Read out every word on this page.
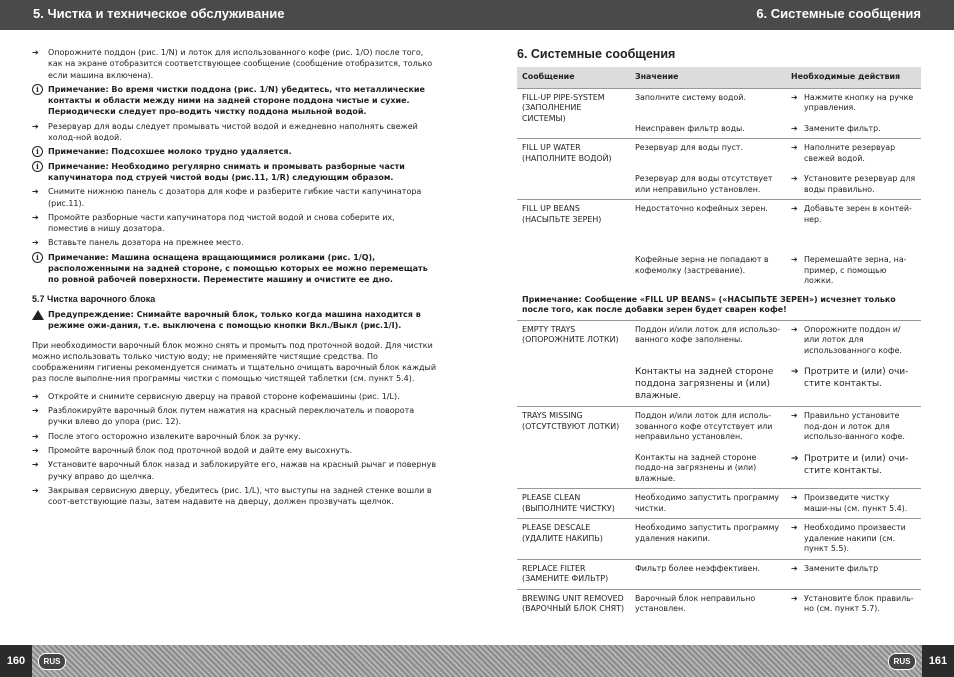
5. Чистка и техническое обслуживание	6. Системные сообщения
➔	Опорожните поддон (рис. 1/N) и лоток для использованного кофе (рис. 1/O) после того, как на экране отобразится соответствующее сообщение (сообщение отобразится, только если машина включена).
i	Примечание: Во время чистки поддона (рис. 1/N) убедитесь, что металлические контакты и области между ними на задней стороне поддона чистые и сухие. Периодически следует про-водить чистку поддона мыльной водой.
➔	Резервуар для воды следует промывать чистой водой и ежедневно наполнять свежей холод-ной водой.
i	Примечание: Подсохшее молоко трудно удаляется.
i	Примечание: Необходимо регулярно снимать и промывать разборные части капучинатора под струей чистой воды (рис.11, 1/R) следующим образом.
➔	Снимите нижнюю панель с дозатора для кофе и разберите гибкие части капучинатора (рис.11).
➔	Промойте разборные части капучинатора под чистой водой и снова соберите их, поместив в нишу дозатора.
➔	Вставьте панель дозатора на прежнее место.
i	Примечание: Машина оснащена вращающимися роликами (рис. 1/Q), расположенными на задней стороне, с помощью которых ее можно перемещать по ровной рабочей поверхности. Переместите машину и очистите ее дно.
5.7 Чистка варочного блока
Предупреждение: Снимайте варочный блок, только когда машина находится в режиме ожи-дания, т.е. выключена с помощью кнопки Вкл./Выкл (рис.1/I).

При необходимости варочный блок можно снять и промыть под проточной водой. Для чистки можно использовать только чистую воду; не применяйте чистящие средства. По соображениям гигиены рекомендуется снимать и тщательно очищать варочный блок каждый раз после выполне-ния программы чистки с помощью чистящей таблетки (см. пункт 5.4).

➔	Откройте и снимите сервисную дверцу на правой стороне кофемашины (рис. 1/L).
➔	Разблокируйте варочный блок путем нажатия на красный переключатель и поворота ручки влево до упора (рис. 12).
➔	После этого осторожно извлеките варочный блок за ручку.
➔	Промойте варочный блок под проточной водой и дайте ему высохнуть.
➔	Установите варочный блок назад и заблокируйте его, нажав на красный рычаг и повернув ручку вправо до щелчка.
➔	Закрывая сервисную дверцу, убедитесь (рис. 1/L), что выступы на задней стенке вошли в соот-ветствующие пазы, затем надавите на дверцу, должен прозвучать щелчок.
6. Системные сообщения
Сообщение	Значение	Необходимые действия
FILL-UP PIPE-SYSTEM (ЗАПОЛНЕНИЕ СИСТЕМЫ)	Заполните систему водой.	➔ Нажмите кнопку на ручке управления.

	Неисправен фильтр воды.	➔ Замените фильтр.

FILL UP WATER (НАПОЛНИТЕ ВОДОЙ)	Резервуар для воды пуст.	➔ Наполните резервуар свежей водой.

	Резервуар для воды отсутствует или неправильно установлен.	➔ Установите резервуар для воды правильно.

FILL UP BEANS (НАСЫПЬТЕ ЗЕРЕН)	Недостаточно кофейных зерен.	➔ Добавьте зерен в контей-нер.

	Кофейные зерна не попадают в кофемолку (застревание).	➔ Перемешайте зерна, на-пример, с помощью ложки.

Примечание: Сообщение «FILL UP BEANS» («НАСЫПЬТЕ ЗЕРЕН») исчезнет только после того, как после добавки зерен будет сварен кофе!		
EMPTY TRAYS (ОПОРОЖНИТЕ ЛОТКИ)	Поддон и/или лоток для использо-ванного кофе заполнены.	➔ Опорожните поддон и/ или лоток для использованного кофе.

	Контакты на задней стороне поддона загрязнены и (или) влажные.	➔ Протрите и (или) очи-стите контакты.

TRAYS MISSING (ОТСУТСТВУЮТ ЛОТКИ)	Поддон и/или лоток для исполь-зованного кофе отсутствует или неправильно установлен.	➔ Правильно установите под-дон и лоток для использо-ванного кофе.

	Контакты на задней стороне поддо-на загрязнены и (или) влажные.	➔ Протрите и (или) очи-стите контакты.

PLEASE CLEAN (ВЫПОЛНИТЕ ЧИСТКУ)	Необходимо запустить программу чистки.	➔ Произведите чистку маши-ны (см. пункт 5.4).

PLEASE DESCALE (УДАЛИТЕ НАКИПЬ)	Необходимо запустить программу удаления накипи.	➔ Необходимо произвести удаление накипи (см. пункт 5.5).

REPLACE FILTER (ЗАМЕНИТЕ ФИЛЬТР)	Фильтр более неэффективен.	➔ Замените фильтр

BREWING UNIT REMOVED (ВАРОЧНЫЙ БЛОК СНЯТ)	Варочный блок неправильно установлен.	➔ Установите блок правиль-но (см. пункт 5.7).
160	161
RUS	RUS
